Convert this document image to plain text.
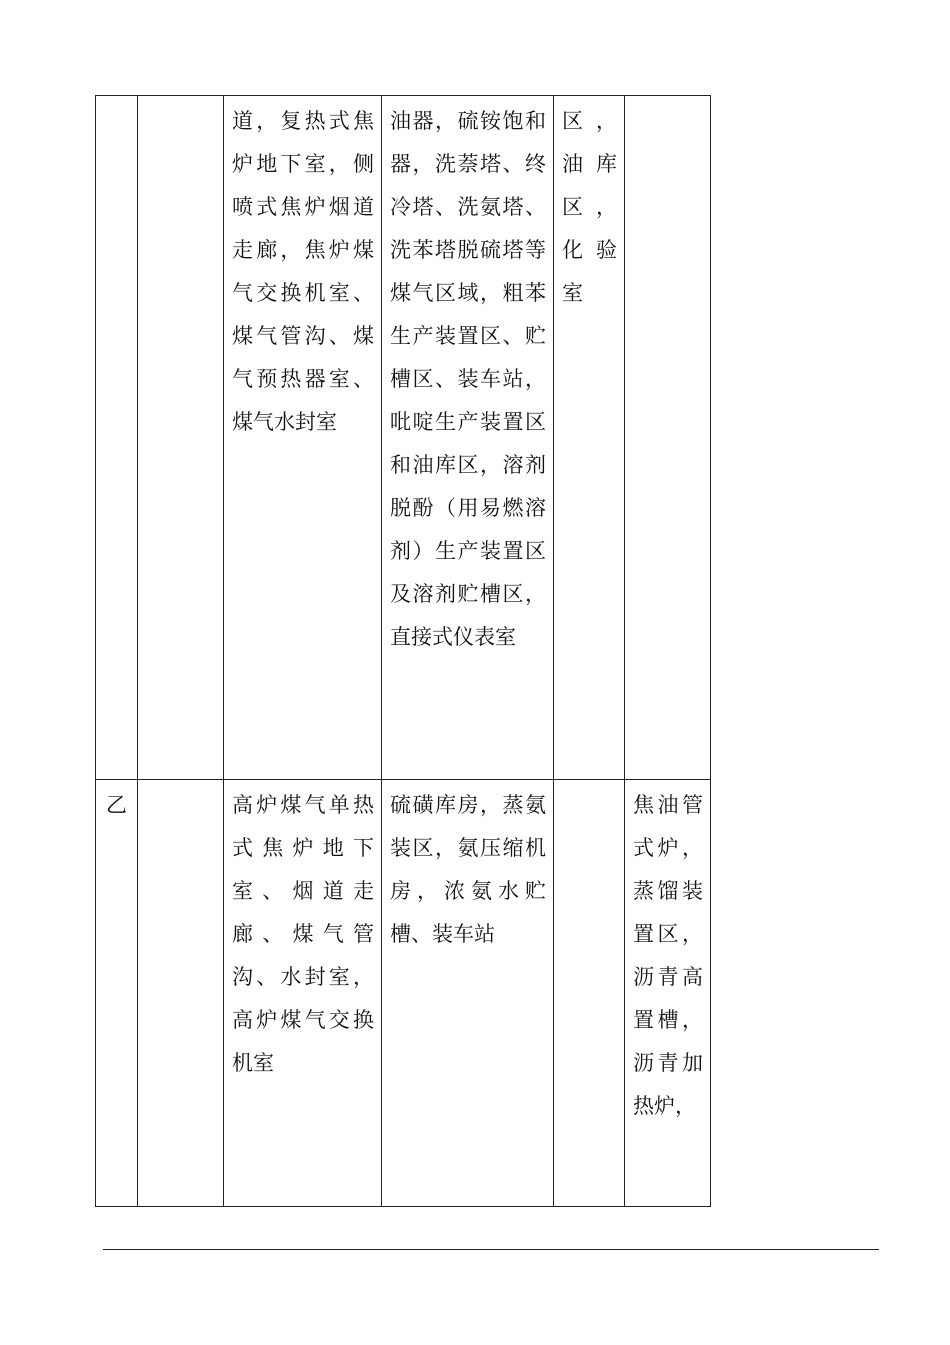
		道，复热式焦炉地下室，侧喷式焦炉烟道走廊，焦炉煤气交换机室、煤气管沟、煤气预热器室、煤气水封室	油器，硫铵饱和器，洗萘塔、终冷塔、洗氨塔、洗苯塔脱硫塔等煤气区域，粗苯生产装置区、贮槽区、装车站，吡啶生产装置区和油库区，溶剂脱酚（用易燃溶剂）生产装置区及溶剂贮槽区，直接式仪表室	区，油库区，化验室	
乙		高炉煤气单热式焦炉地下室、烟道走廊、煤气管沟、水封室，高炉煤气交换机室	硫磺库房，蒸氨装区，氨压缩机房，浓氨水贮槽、装车站		焦油管式炉，蒸馏装置区，沥青高置槽，沥青加热炉，
